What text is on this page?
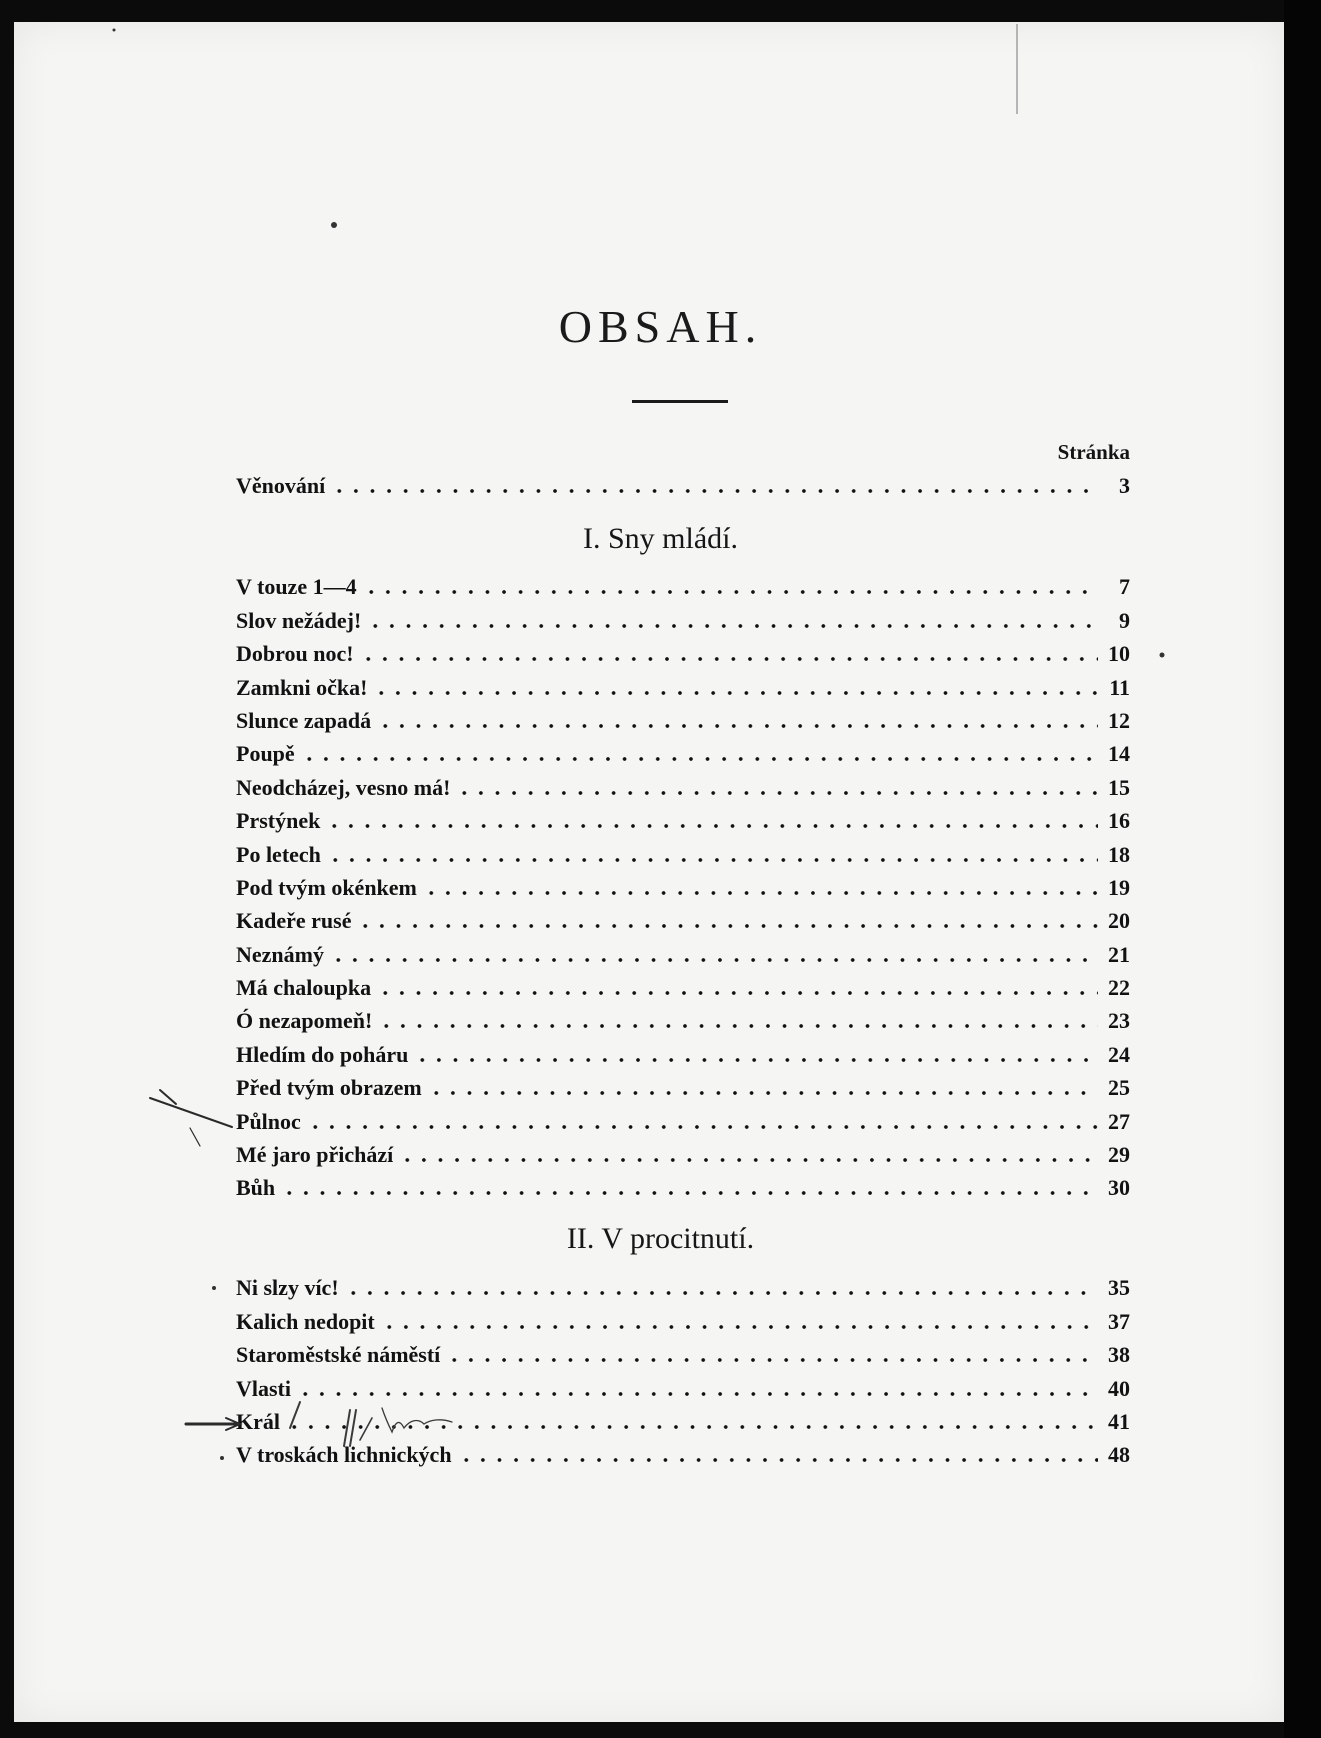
OBSAH.
Stránka
Věnování	3
I. Sny mládí.
V touze 1—4	7
Slov nežádej!	9
Dobrou noc!	10
Zamkni očka!	11
Slunce zapadá	12
Poupě	14
Neodcházej, vesno má!	15
Prstýnek	16
Po letech	18
Pod tvým okénkem	19
Kadeře rusé	20
Neznámý	21
Má chaloupka	22
Ó nezapomeň!	23
Hledím do poháru	24
Před tvým obrazem	25
Půlnoc	27
Mé jaro přichází	29
Bůh	30
II. V procitnutí.
Ni slzy víc!	35
Kalich nedopit	37
Staroměstské náměstí	38
Vlasti	40
Král	41
V troskách lichnických	48
